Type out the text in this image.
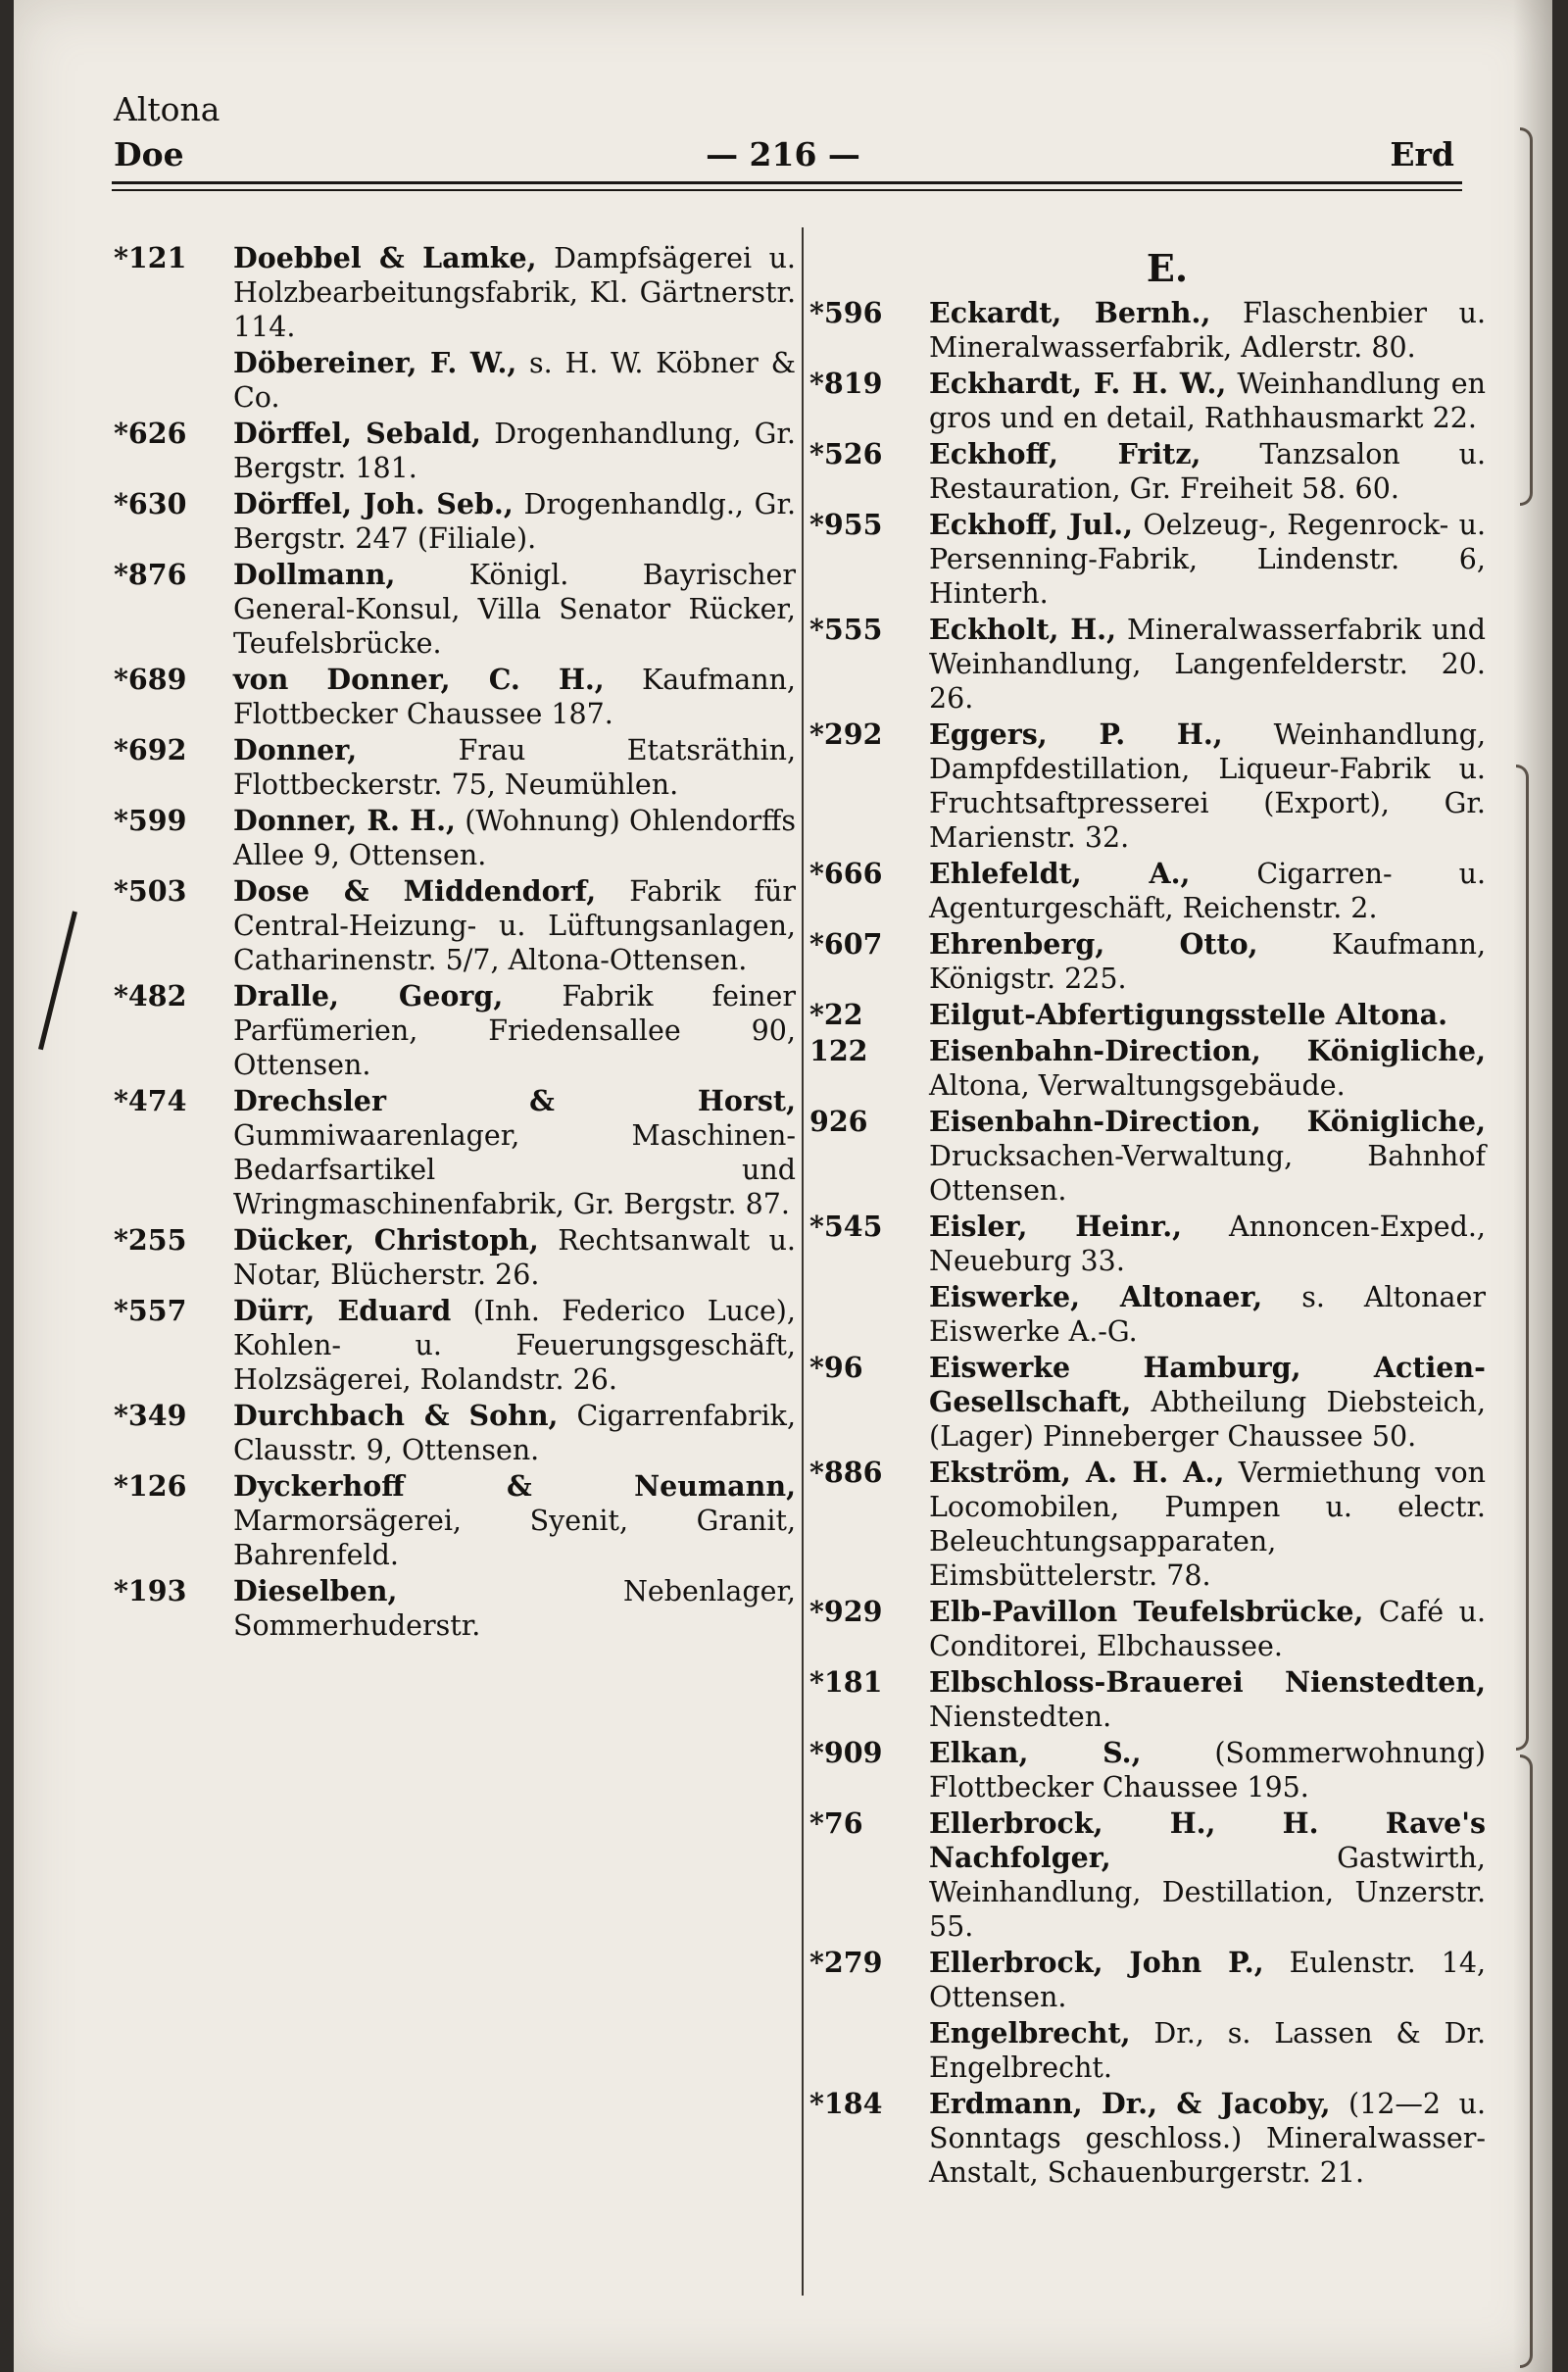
Altona
Doe	— 216 —	Erd
*121	Doebbel & Lamke, Dampfsägerei u. Holzbearbeitungsfabrik, Kl. Gärtnerstr. 114.
Döbereiner, F. W., s. H. W. Köbner & Co.
*626	Dörffel, Sebald, Drogenhandlung, Gr. Bergstr. 181.
*630	Dörffel, Joh. Seb., Drogenhandlg., Gr. Bergstr. 247 (Filiale).
*876	Dollmann,	Königl. Bayrischer General-Konsul, Villa Senator Rücker, Teufelsbrücke.
*689	von Donner, C. H., Kaufmann, Flottbecker Chaussee 187.
*692	Donner,	Frau Etatsräthin, Flottbeckerstr. 75, Neumühlen.
*599	Donner, R. H., (Wohnung) Ohlendorffs Allee 9, Ottensen.
*503	Dose & Middendorf, Fabrik für Central-Heizung- u. Lüftungsanlagen, Catharinenstr. 5/7, Altona-Ottensen.
*482	Dralle, Georg, Fabrik feiner Parfümerien, Friedensallee 90, Ottensen.
*474	Drechsler & Horst, Gummiwaarenlager, Maschinen-Bedarfsartikel und Wringmaschinenfabrik, Gr. Bergstr. 87.
*255	Dücker, Christoph, Rechtsanwalt u. Notar, Blücherstr. 26.
*557	Dürr, Eduard (Inh. Federico Luce), Kohlen- u. Feuerungsgeschäft, Holzsägerei, Rolandstr. 26.
*349	Durchbach & Sohn, Cigarrenfabrik, Clausstr. 9, Ottensen.
*126	Dyckerhoff & Neumann, Marmorsägerei, Syenit, Granit, Bahrenfeld.
*193	Dieselben,	Nebenlager, Sommerhuderstr.
E.
*596	Eckardt, Bernh., Flaschenbier u. Mineralwasserfabrik, Adlerstr. 80.
*819	Eckhardt, F. H. W., Weinhandlung en gros und en detail, Rathhausmarkt 22.
*526	Eckhoff, Fritz, Tanzsalon u. Restauration, Gr. Freiheit 58. 60.
*955	Eckhoff, Jul., Oelzeug-, Regenrock- u. Persenning-Fabrik, Lindenstr. 6, Hinterh.
*555	Eckholt, H., Mineralwasserfabrik und Weinhandlung, Langenfelderstr. 20. 26.
*292	Eggers, P. H., Weinhandlung, Dampfdestillation, Liqueur-Fabrik u. Fruchtsaftpresserei (Export), Gr. Marienstr. 32.
*666	Ehlefeldt, A., Cigarren- u. Agenturgeschäft, Reichenstr. 2.
*607	Ehrenberg, Otto,	Kaufmann, Königstr. 225.
*22	Eilgut-Abfertigungsstelle Altona.
122	Eisenbahn-Direction, Königliche, Altona, Verwaltungsgebäude.
926	Eisenbahn-Direction, Königliche, Drucksachen-Verwaltung, Bahnhof Ottensen.
*545	Eisler, Heinr., Annoncen-Exped., Neueburg 33.
Eiswerke, Altonaer, s. Altonaer Eiswerke A.-G.
*96	Eiswerke Hamburg, Actien-Gesellschaft, Abtheilung Diebsteich, (Lager) Pinneberger Chaussee 50.
*886	Ekström, A. H. A., Vermiethung von Locomobilen, Pumpen u. electr. Beleuchtungsapparaten, Eimsbüttelerstr. 78.
*929	Elb-Pavillon Teufelsbrücke, Café u. Conditorei, Elbchaussee.
*181	Elbschloss-Brauerei Nienstedten, Nienstedten.
*909	Elkan, S.,	(Sommerwohnung) Flottbecker Chaussee 195.
*76	Ellerbrock, H., H. Rave's Nachfolger,	Gastwirth, Weinhandlung, Destillation, Unzerstr. 55.
*279	Ellerbrock, John P., Eulenstr. 14, Ottensen.
Engelbrecht, Dr., s. Lassen & Dr. Engelbrecht.
*184	Erdmann, Dr., & Jacoby, (12—2 u. Sonntags geschloss.) Mineralwasser-Anstalt, Schauenburgerstr. 21.
